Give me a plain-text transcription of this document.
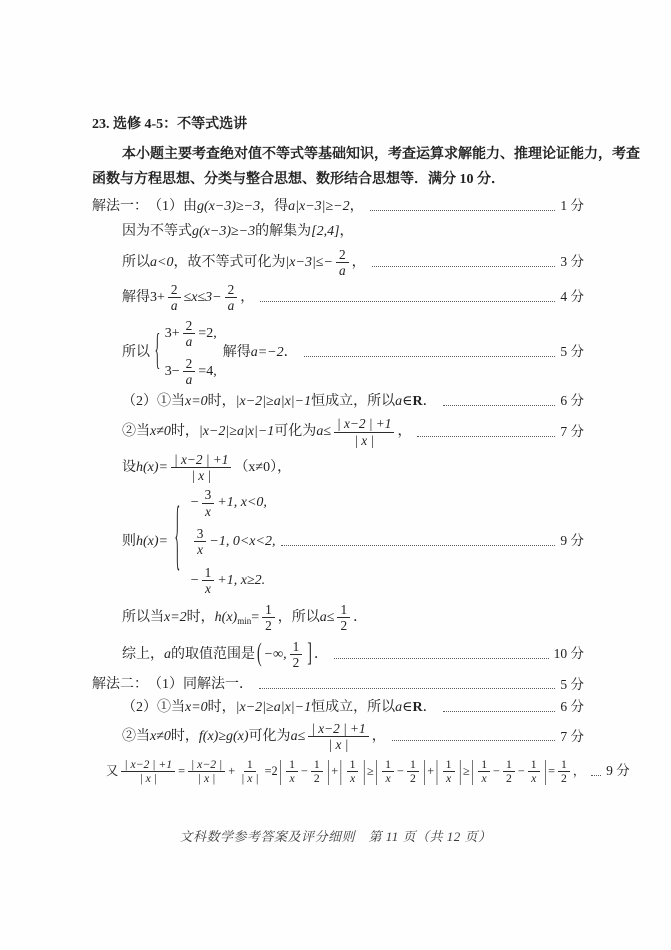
23. 选修 4-5：不等式选讲
本小题主要考查绝对值不等式等基础知识，考查运算求解能力、推理论证能力，考查
函数与方程思想、分类与整合思想、数形结合思想等．满分 10 分．
解法一： （1）由 g(x−3)≥−3 ，得 a|x−3|≥−2 ，	1 分
因为不等式 g(x−3)≥−3 的解集为 [2,4] ，
所以 a<0 ，故不等式可化为 $|x-3|\le- \frac{2}{a}$ ，	3 分
解得 $3+ \frac{2}{a} \le x\le 3- \frac{2}{a}$ ，	4 分
所以 { $3+ \frac{2}{a} =2$,
$3- \frac{2}{a} =4$,
解得 a=−2 ．	5 分
（2）①当 x=0 时， |x−2|≥a|x|−1 恒成立，所以 a∈ R ．	6 分
②当 x≠0 时， |x−2|≥a|x|−1 可化为 $a\le \frac{| x-2 | +1}{| x |}$ ，	7 分
设 $h(x)= \frac{| x-2 | +1}{| x |} (x\ne 0)$，
则 h(x)= { − $\frac{3}{x} +1$, x<0,
$\frac{3}{x} -1$, 0<x<2,
− $\frac{1}{x} +1$, x≥2.
9 分
所以当 x=2 时， h(x) $\min = \frac{1}{2}$ ，所以 $a\le \frac{1}{2}$ ．
综上， a 的取值范围是 ( −∞, $\frac{1}{2}$ ] ．	10 分
解法二： （1）同解法一．	5 分
（2）①当 x=0 时， |x−2|≥a|x|−1 恒成立，所以 a∈ R ．	6 分
②当 x≠0 时， f(x)≥g(x) 可化为 $a\le \frac{| x-2 | +1}{| x |}$ ，	7 分
又 $\frac{| x-2 | +1}{| x |} = \frac{| x-2 |}{| x |} + \frac{1}{| x |} = 2$ | $\frac{1}{x} - \frac{1}{2}$ | + | $\frac{1}{x}$ | ≥ | $\frac{1}{x} - \frac{1}{2}$ | + | $\frac{1}{x}$ | ≥ | $\frac{1}{x} - \frac{1}{2} - \frac{1}{x}$ | = $\frac{1}{2}$ ， 9 分
文科数学参考答案及评分细则　第 11 页（共 12 页）
